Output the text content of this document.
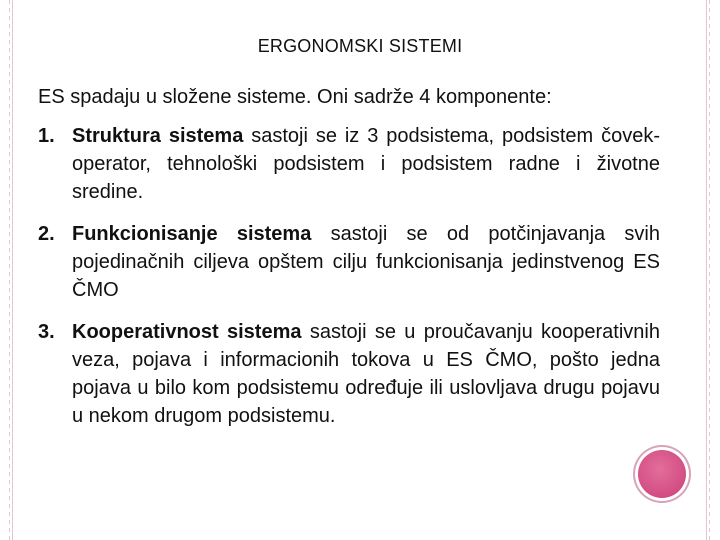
ERGONOMSKI SISTEMI
ES spadaju u složene sisteme. Oni sadrže 4 komponente:
1. Struktura sistema sastoji se iz 3 podsistema, podsistem čovek-operator, tehnološki podsistem i podsistem radne i životne sredine.
2. Funkcionisanje sistema sastoji se od potčinjavanja svih pojedinačnih ciljeva opštem cilju funkcionisanja jedinstvenog ES ČMO
3. Kooperativnost sistema sastoji se u proučavanju kooperativnih veza, pojava i informacionih tokova u ES ČMO, pošto jedna pojava u bilo kom podsistemu određuje ili uslovljava drugu pojavu u nekom drugom podsistemu.
